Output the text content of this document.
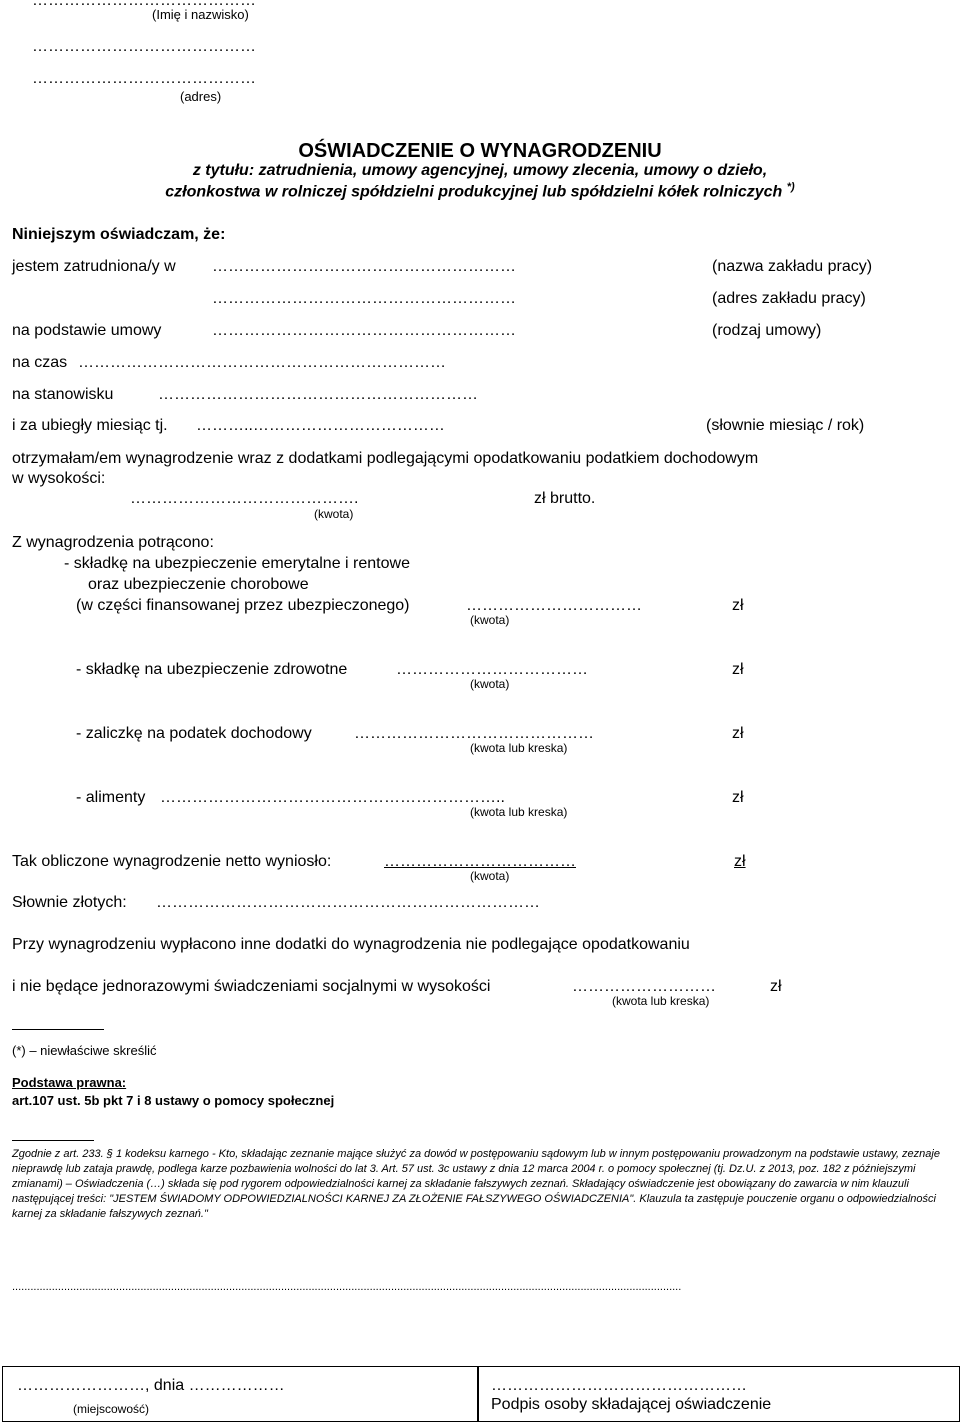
……………………………………
(Imię i nazwisko)
……………………………………
……………………………………
(adres)
OŚWIADCZENIE O WYNAGRODZENIU
z tytułu: zatrudnienia, umowy agencyjnej, umowy zlecenia, umowy o dzieło,
członkostwa w rolniczej spółdzielni produkcyjnej lub spółdzielni kółek rolniczych *)
Niniejszym oświadczam, że:
jestem zatrudniona/y w …………………………………………………	(nazwa zakładu pracy)
…………………………………………………	(adres zakładu pracy)
na podstawie umowy	…………………………………………………	(rodzaj umowy)
na czas ……………………………………………………………
na stanowisku	……………………………………………………
i za ubiegły miesiąc tj. ………..………………………………	(słownie miesiąc / rok)
otrzymałam/em wynagrodzenie wraz z dodatkami podlegającymi opodatkowaniu podatkiem dochodowym
w wysokości:
…………………………………….	zł brutto.
(kwota)
Z wynagrodzenia potrącono:
- składkę na ubezpieczenie emerytalne i rentowe
oraz ubezpieczenie chorobowe
(w części finansowanej przez ubezpieczonego)	……………………………	zł
(kwota)
- składkę na ubezpieczenie zdrowotne	………………………………	zł
(kwota)
- zaliczkę na podatek dochodowy	………………………………………	zł
(kwota lub kreska)
- alimenty ………………………………………………………..	zł
(kwota lub kreska)
Tak obliczone wynagrodzenie netto wyniosło:	………………………………	zł
(kwota)
Słownie złotych: ………………………………………………………………
Przy wynagrodzeniu wypłacono inne dodatki do wynagrodzenia nie podlegające opodatkowaniu
i nie będące jednorazowymi świadczeniami socjalnymi w wysokości	………………………	zł
(kwota lub kreska)
(*) – niewłaściwe skreślić
Podstawa prawna:
art.107 ust. 5b pkt 7 i 8 ustawy o pomocy społecznej
Zgodnie z art. 233. § 1 kodeksu karnego - Kto, składając zeznanie mające służyć za dowód w postępowaniu sądowym lub w innym postępowaniu prowadzonym na podstawie ustawy, zeznaje nieprawdę lub zataja prawdę, podlega karze pozbawienia wolności do lat 3. Art. 57 ust. 3c ustawy z dnia 12 marca 2004 r. o pomocy społecznej (tj. Dz.U. z 2013, poz. 182 z późniejszymi zmianami) – Oświadczenia (…) składa się pod rygorem odpowiedzialności karnej za składanie fałszywych zeznań. Składający oświadczenie jest obowiązany do zawarcia w nim klauzuli następującej treści: "JESTEM ŚWIADOMY ODPOWIEDZIALNOŚCI KARNEJ ZA ZŁOŻENIE FAŁSZYWEGO OŚWIADCZENIA". Klauzula ta zastępuje pouczenie organu o odpowiedzialności karnej za składanie fałszywych zeznań."
...........................................................................................................................................................................................................................
……………………, dnia ………………
(miejscowość)
…………………………………………
Podpis osoby składającej oświadczenie
